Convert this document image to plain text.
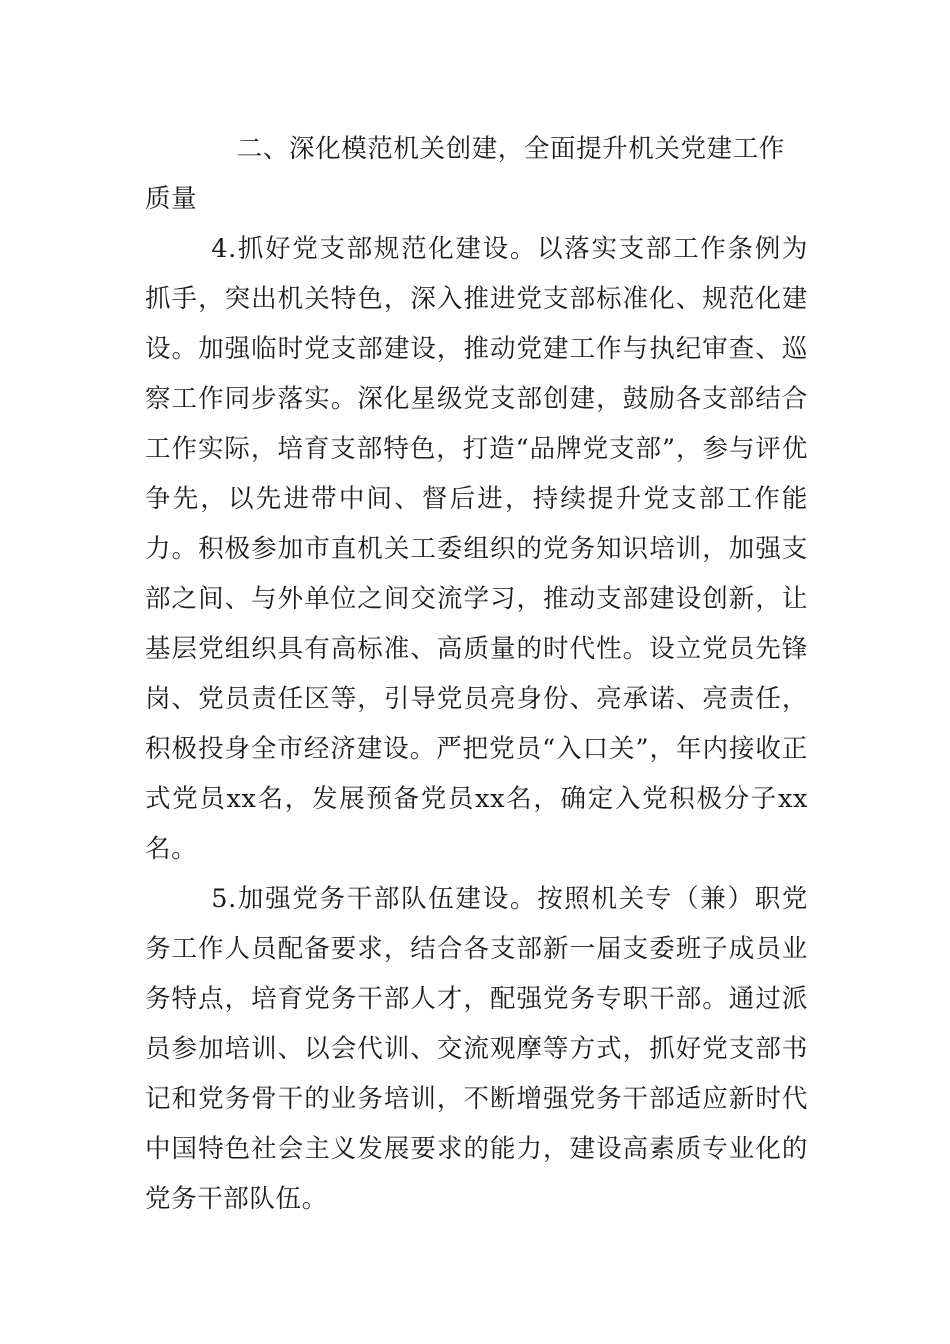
二、深化模范机关创建，全面提升机关党建工作质量

4.抓好党支部规范化建设。以落实支部工作条例为抓手，突出机关特色，深入推进党支部标准化、规范化建设。加强临时党支部建设，推动党建工作与执纪审查、巡察工作同步落实。深化星级党支部创建，鼓励各支部结合工作实际，培育支部特色，打造“品牌党支部”，参与评优争先，以先进带中间、督后进，持续提升党支部工作能力。积极参加市直机关工委组织的党务知识培训，加强支部之间、与外单位之间交流学习，推动支部建设创新，让基层党组织具有高标准、高质量的时代性。设立党员先锋岗、党员责任区等，引导党员亮身份、亮承诺、亮责任，积极投身全市经济建设。严把党员“入口关”，年内接收正式党员xx名，发展预备党员xx名，确定入党积极分子xx名。

5.加强党务干部队伍建设。按照机关专（兼）职党务工作人员配备要求，结合各支部新一届支委班子成员业务特点，培育党务干部人才，配强党务专职干部。通过派员参加培训、以会代训、交流观摩等方式，抓好党支部书记和党务骨干的业务培训，不断增强党务干部适应新时代中国特色社会主义发展要求的能力，建设高素质专业化的党务干部队伍。
